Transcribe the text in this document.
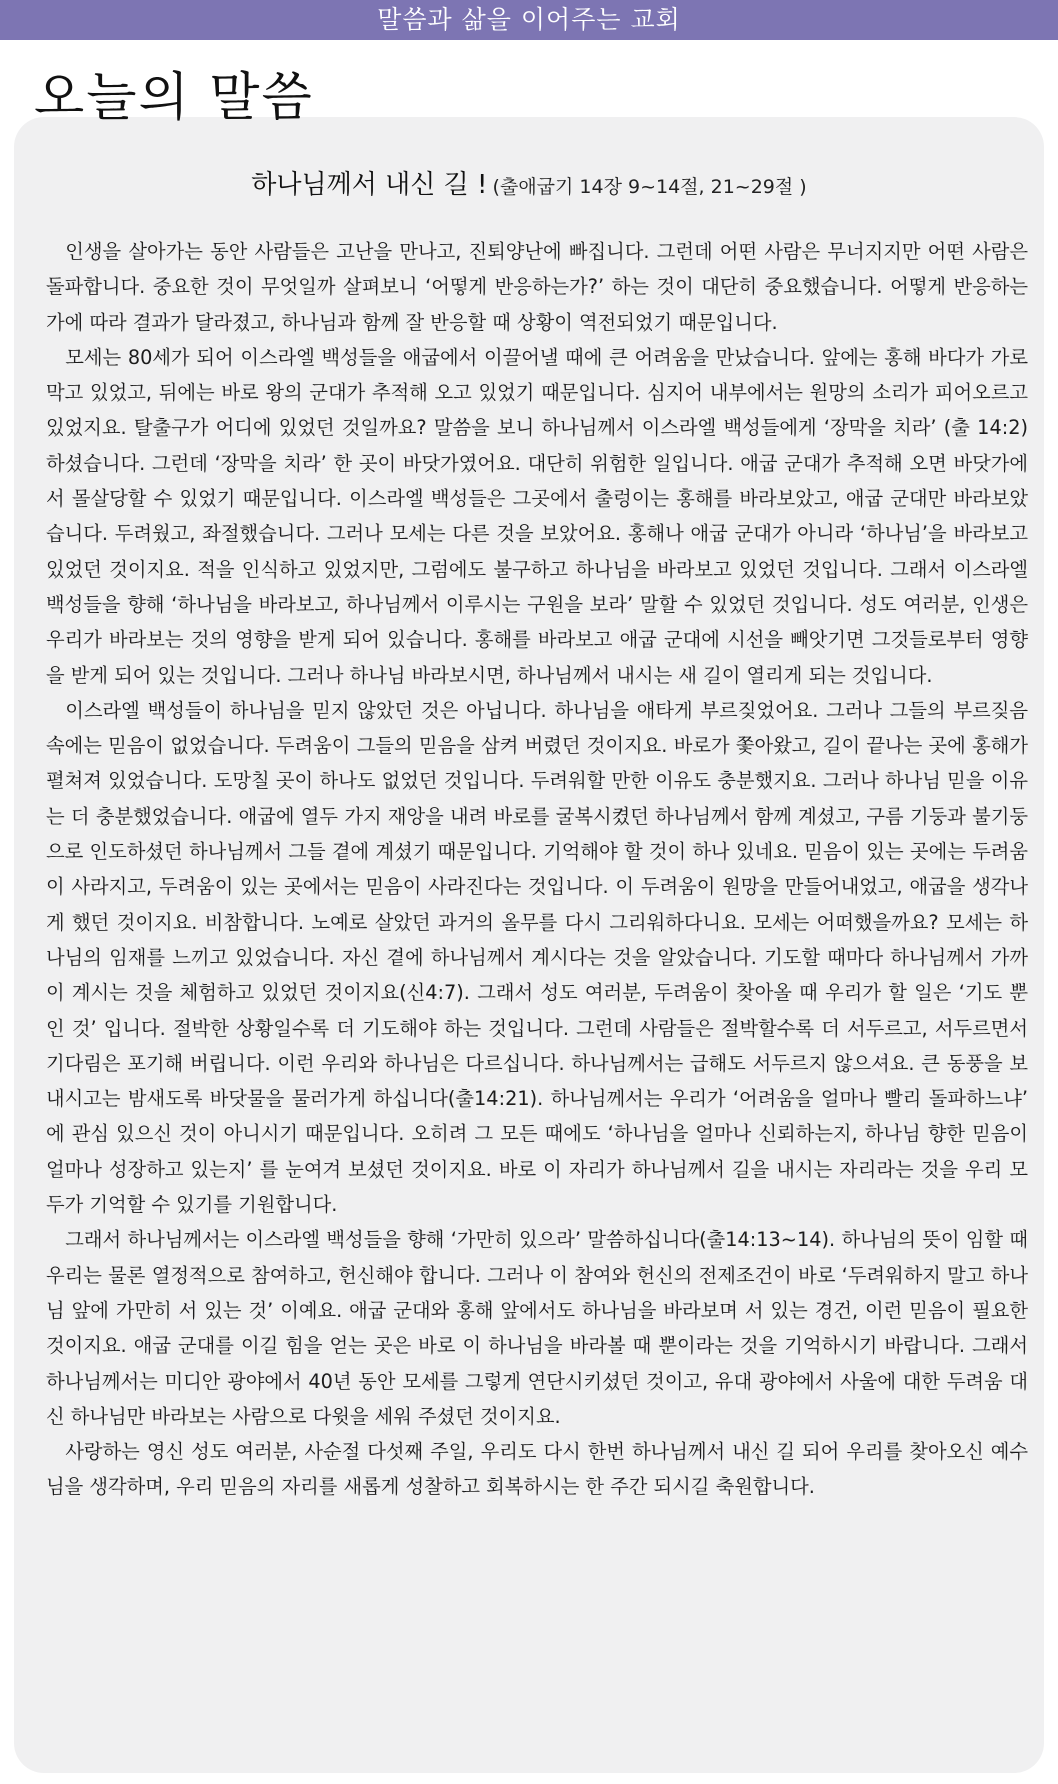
말씀과 삶을 이어주는 교회
오늘의 말씀
하나님께서 내신 길 ! (출애굽기 14장 9~14절, 21~29절 )

인생을 살아가는 동안 사람들은 고난을 만나고, 진퇴양난에 빠집니다. 그런데 어떤 사람은 무너지지만 어떤 사람은 돌파합니다. 중요한 것이 무엇일까 살펴보니 ‘어떻게 반응하는가?’ 하는 것이 대단히 중요했습니다. 어떻게 반응하는가에 따라 결과가 달라졌고, 하나님과 함께 잘 반응할 때 상황이 역전되었기 때문입니다.

모세는 80세가 되어 이스라엘 백성들을 애굽에서 이끌어낼 때에 큰 어려움을 만났습니다. 앞에는 홍해 바다가 가로막고 있었고, 뒤에는 바로 왕의 군대가 추적해 오고 있었기 때문입니다. 심지어 내부에서는 원망의 소리가 피어오르고 있었지요. 탈출구가 어디에 있었던 것일까요? 말씀을 보니 하나님께서 이스라엘 백성들에게 ‘장막을 치라’ (출 14:2) 하셨습니다. 그런데 ‘장막을 치라’ 한 곳이 바닷가였어요. 대단히 위험한 일입니다. 애굽 군대가 추적해 오면 바닷가에서 몰살당할 수 있었기 때문입니다. 이스라엘 백성들은 그곳에서 출렁이는 홍해를 바라보았고, 애굽 군대만 바라보았습니다. 두려웠고, 좌절했습니다. 그러나 모세는 다른 것을 보았어요. 홍해나 애굽 군대가 아니라 ‘하나님’을 바라보고 있었던 것이지요. 적을 인식하고 있었지만, 그럼에도 불구하고 하나님을 바라보고 있었던 것입니다. 그래서 이스라엘 백성들을 향해 ‘하나님을 바라보고, 하나님께서 이루시는 구원을 보라’ 말할 수 있었던 것입니다. 성도 여러분, 인생은 우리가 바라보는 것의 영향을 받게 되어 있습니다. 홍해를 바라보고 애굽 군대에 시선을 빼앗기면 그것들로부터 영향을 받게 되어 있는 것입니다. 그러나 하나님 바라보시면, 하나님께서 내시는 새 길이 열리게 되는 것입니다.

이스라엘 백성들이 하나님을 믿지 않았던 것은 아닙니다. 하나님을 애타게 부르짖었어요. 그러나 그들의 부르짖음 속에는 믿음이 없었습니다. 두려움이 그들의 믿음을 삼켜 버렸던 것이지요. 바로가 쫓아왔고, 길이 끝나는 곳에 홍해가 펼쳐져 있었습니다. 도망칠 곳이 하나도 없었던 것입니다. 두려워할 만한 이유도 충분했지요. 그러나 하나님 믿을 이유는 더 충분했었습니다. 애굽에 열두 가지 재앙을 내려 바로를 굴복시켰던 하나님께서 함께 계셨고, 구름 기둥과 불기둥으로 인도하셨던 하나님께서 그들 곁에 계셨기 때문입니다. 기억해야 할 것이 하나 있네요. 믿음이 있는 곳에는 두려움이 사라지고, 두려움이 있는 곳에서는 믿음이 사라진다는 것입니다. 이 두려움이 원망을 만들어내었고, 애굽을 생각나게 했던 것이지요. 비참합니다. 노예로 살았던 과거의 올무를 다시 그리워하다니요. 모세는 어떠했을까요? 모세는 하나님의 임재를 느끼고 있었습니다. 자신 곁에 하나님께서 계시다는 것을 알았습니다. 기도할 때마다 하나님께서 가까이 계시는 것을 체험하고 있었던 것이지요(신4:7). 그래서 성도 여러분, 두려움이 찾아올 때 우리가 할 일은 ‘기도 뿐인 것’ 입니다. 절박한 상황일수록 더 기도해야 하는 것입니다. 그런데 사람들은 절박할수록 더 서두르고, 서두르면서 기다림은 포기해 버립니다. 이런 우리와 하나님은 다르십니다. 하나님께서는 급해도 서두르지 않으셔요. 큰 동풍을 보내시고는 밤새도록 바닷물을 물러가게 하십니다(출14:21). 하나님께서는 우리가 ‘어려움을 얼마나 빨리 돌파하느냐’ 에 관심 있으신 것이 아니시기 때문입니다. 오히려 그 모든 때에도 ‘하나님을 얼마나 신뢰하는지, 하나님 향한 믿음이 얼마나 성장하고 있는지’ 를 눈여겨 보셨던 것이지요. 바로 이 자리가 하나님께서 길을 내시는 자리라는 것을 우리 모두가 기억할 수 있기를 기원합니다.

그래서 하나님께서는 이스라엘 백성들을 향해 ‘가만히 있으라’ 말씀하십니다(출14:13~14). 하나님의 뜻이 임할 때 우리는 물론 열정적으로 참여하고, 헌신해야 합니다. 그러나 이 참여와 헌신의 전제조건이 바로 ‘두려워하지 말고 하나님 앞에 가만히 서 있는 것’ 이예요. 애굽 군대와 홍해 앞에서도 하나님을 바라보며 서 있는 경건, 이런 믿음이 필요한 것이지요. 애굽 군대를 이길 힘을 얻는 곳은 바로 이 하나님을 바라볼 때 뿐이라는 것을 기억하시기 바랍니다. 그래서 하나님께서는 미디안 광야에서 40년 동안 모세를 그렇게 연단시키셨던 것이고, 유대 광야에서 사울에 대한 두려움 대신 하나님만 바라보는 사람으로 다윗을 세워 주셨던 것이지요.

사랑하는 영신 성도 여러분, 사순절 다섯째 주일, 우리도 다시 한번 하나님께서 내신 길 되어 우리를 찾아오신 예수님을 생각하며, 우리 믿음의 자리를 새롭게 성찰하고 회복하시는 한 주간 되시길 축원합니다.
